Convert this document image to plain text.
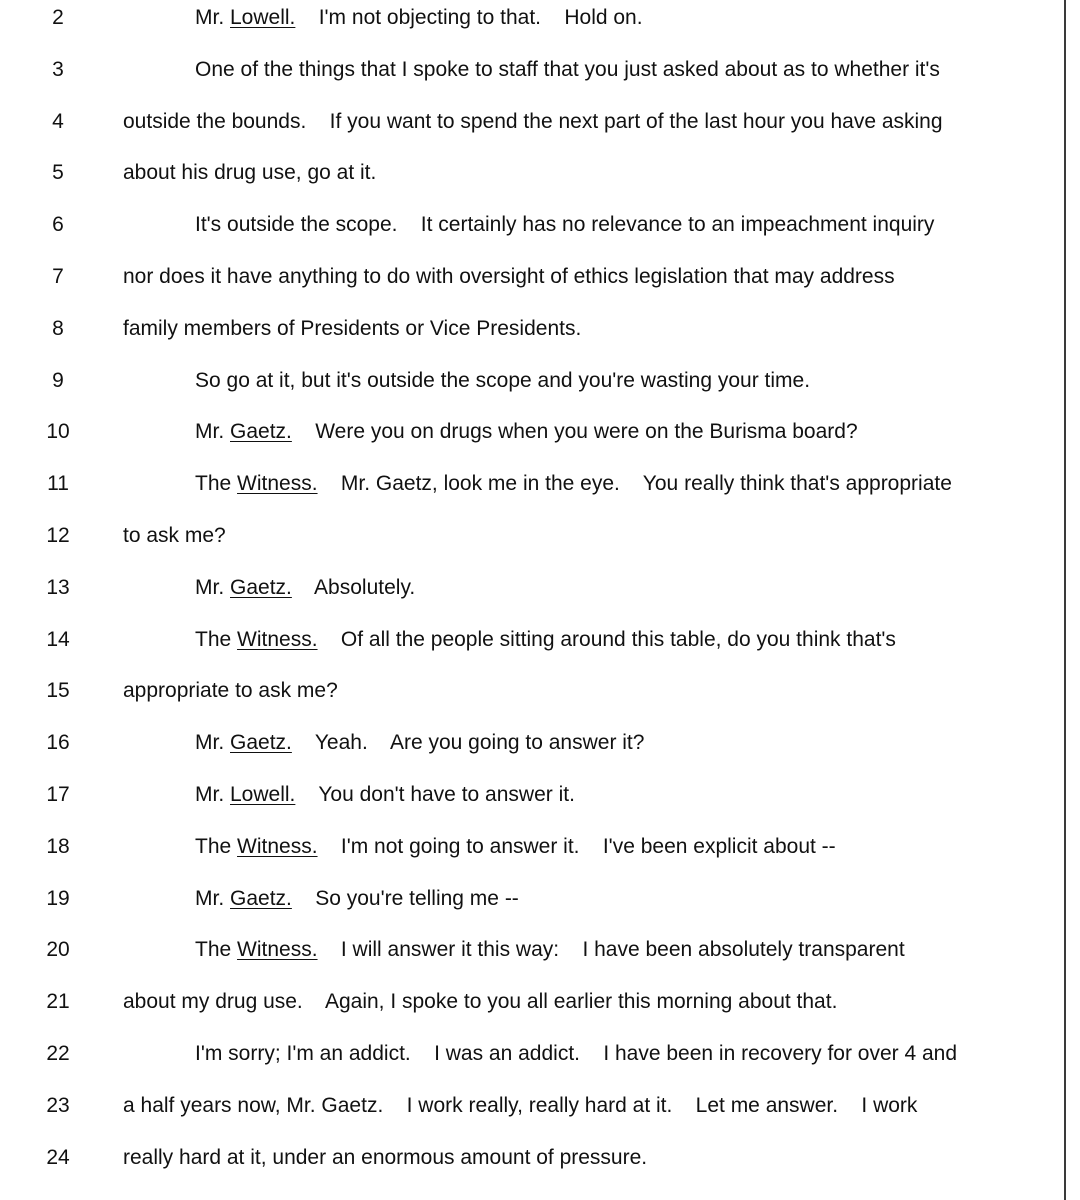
2	Mr. Lowell.    I'm not objecting to that.    Hold on.
3	One of the things that I spoke to staff that you just asked about as to whether it's
4	outside the bounds.    If you want to spend the next part of the last hour you have asking
5	about his drug use, go at it.
6	It's outside the scope.    It certainly has no relevance to an impeachment inquiry
7	nor does it have anything to do with oversight of ethics legislation that may address
8	family members of Presidents or Vice Presidents.
9	So go at it, but it's outside the scope and you're wasting your time.
10	Mr. Gaetz.    Were you on drugs when you were on the Burisma board?
11	The Witness.    Mr. Gaetz, look me in the eye.    You really think that's appropriate
12	to ask me?
13	Mr. Gaetz.    Absolutely.
14	The Witness.    Of all the people sitting around this table, do you think that's
15	appropriate to ask me?
16	Mr. Gaetz.    Yeah.    Are you going to answer it?
17	Mr. Lowell.    You don't have to answer it.
18	The Witness.    I'm not going to answer it.    I've been explicit about --
19	Mr. Gaetz.    So you're telling me --
20	The Witness.    I will answer it this way:    I have been absolutely transparent
21	about my drug use.    Again, I spoke to you all earlier this morning about that.
22	I'm sorry; I'm an addict.    I was an addict.    I have been in recovery for over 4 and
23	a half years now, Mr. Gaetz.    I work really, really hard at it.    Let me answer.    I work
24	really hard at it, under an enormous amount of pressure.
